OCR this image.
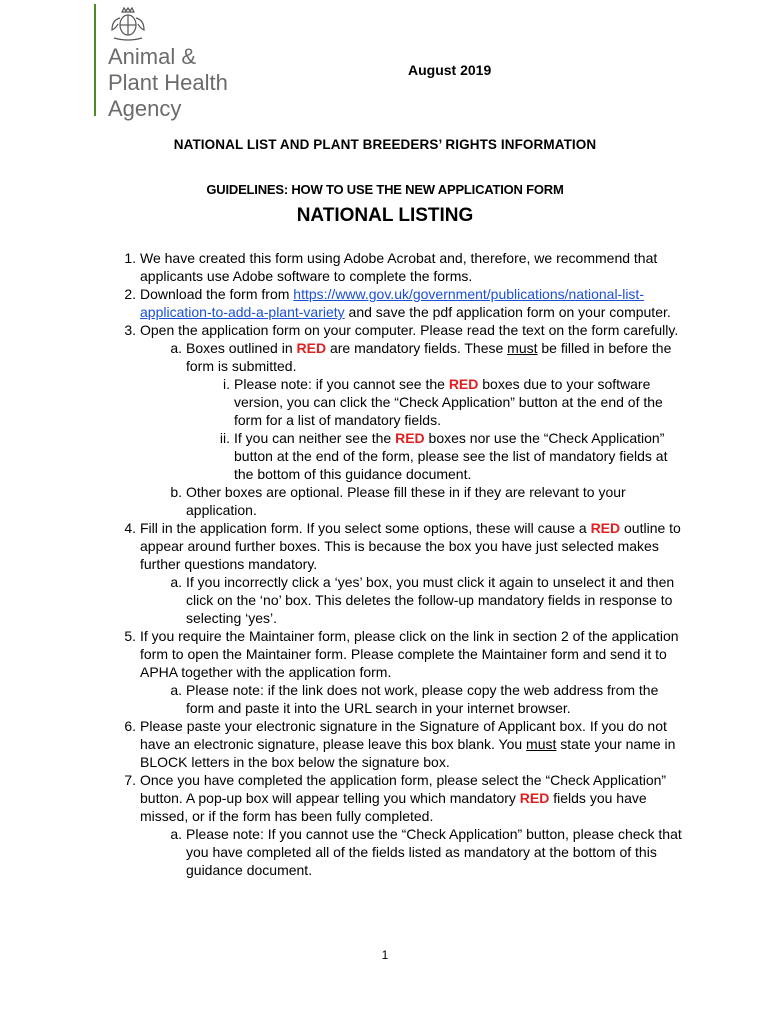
Animal &
Plant Health
Agency
August 2019
NATIONAL LIST AND PLANT BREEDERS’ RIGHTS INFORMATION
GUIDELINES: HOW TO USE THE NEW APPLICATION FORM
NATIONAL LISTING
1. We have created this form using Adobe Acrobat and, therefore, we recommend that applicants use Adobe software to complete the forms.
2. Download the form from https://www.gov.uk/government/publications/national-list-application-to-add-a-plant-variety and save the pdf application form on your computer.
3. Open the application form on your computer. Please read the text on the form carefully.
a. Boxes outlined in RED are mandatory fields. These must be filled in before the form is submitted.
i. Please note: if you cannot see the RED boxes due to your software version, you can click the “Check Application” button at the end of the form for a list of mandatory fields.
ii. If you can neither see the RED boxes nor use the “Check Application” button at the end of the form, please see the list of mandatory fields at the bottom of this guidance document.
b. Other boxes are optional. Please fill these in if they are relevant to your application.
4. Fill in the application form. If you select some options, these will cause a RED outline to appear around further boxes. This is because the box you have just selected makes further questions mandatory.
a. If you incorrectly click a ‘yes’ box, you must click it again to unselect it and then click on the ‘no’ box. This deletes the follow-up mandatory fields in response to selecting ‘yes’.
5. If you require the Maintainer form, please click on the link in section 2 of the application form to open the Maintainer form. Please complete the Maintainer form and send it to APHA together with the application form.
a. Please note: if the link does not work, please copy the web address from the form and paste it into the URL search in your internet browser.
6. Please paste your electronic signature in the Signature of Applicant box. If you do not have an electronic signature, please leave this box blank. You must state your name in BLOCK letters in the box below the signature box.
7. Once you have completed the application form, please select the “Check Application” button. A pop-up box will appear telling you which mandatory RED fields you have missed, or if the form has been fully completed.
a. Please note: If you cannot use the “Check Application” button, please check that you have completed all of the fields listed as mandatory at the bottom of this guidance document.
1
